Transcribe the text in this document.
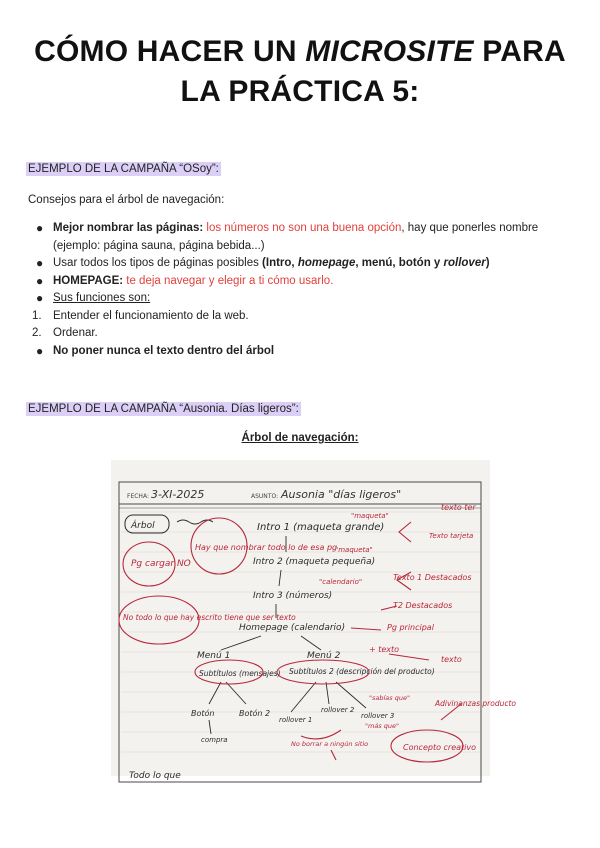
CÓMO HACER UN MICROSITE PARA
LA PRÁCTICA 5:
EJEMPLO DE LA CAMPAÑA “OSoy”:
Consejos para el árbol de navegación:
● Mejor nombrar las páginas: los números no son una buena opción, hay que ponerles nombre (ejemplo: página sauna, página bebida...)
● Usar todos los tipos de páginas posibles (Intro, homepage, menú, botón y rollover)
● HOMEPAGE: te deja navegar y elegir a ti cómo usarlo.
● Sus funciones son:
1. Entender el funcionamiento de la web.
2. Ordenar.
● No poner nunca el texto dentro del árbol
EJEMPLO DE LA CAMPAÑA “Ausonia. Días ligeros”:
Árbol de navegación:
FECHA: 3-XI-2025	ASUNTO: Ausonia "días ligeros"
Árbol	Intro 1 (maqueta grande)
Intro 2 (maqueta pequeña)
Intro 3 (números)
Homepage (calendario)
Menú 1	Menú 2
Subtítulos (mensajes) Subtítulos 2 (descripción del producto)
Botón	Botón 2
compra
rollover 1
rollover 2
rollover 3
Todo lo que
Pg cargar NO
Hay que nombrar todo lo de esa pg
No todo lo que hay escrito tiene que ser texto
texto ter
"maqueta"
"maqueta"
Texto tarjeta
Texto 1 Destacados
T2 Destacados
"calendario"
Pg principal
+ texto
texto
Adivinanzas producto
Concepto creativo
No borrar a ningún sitio
"sabías que"
"más que"
